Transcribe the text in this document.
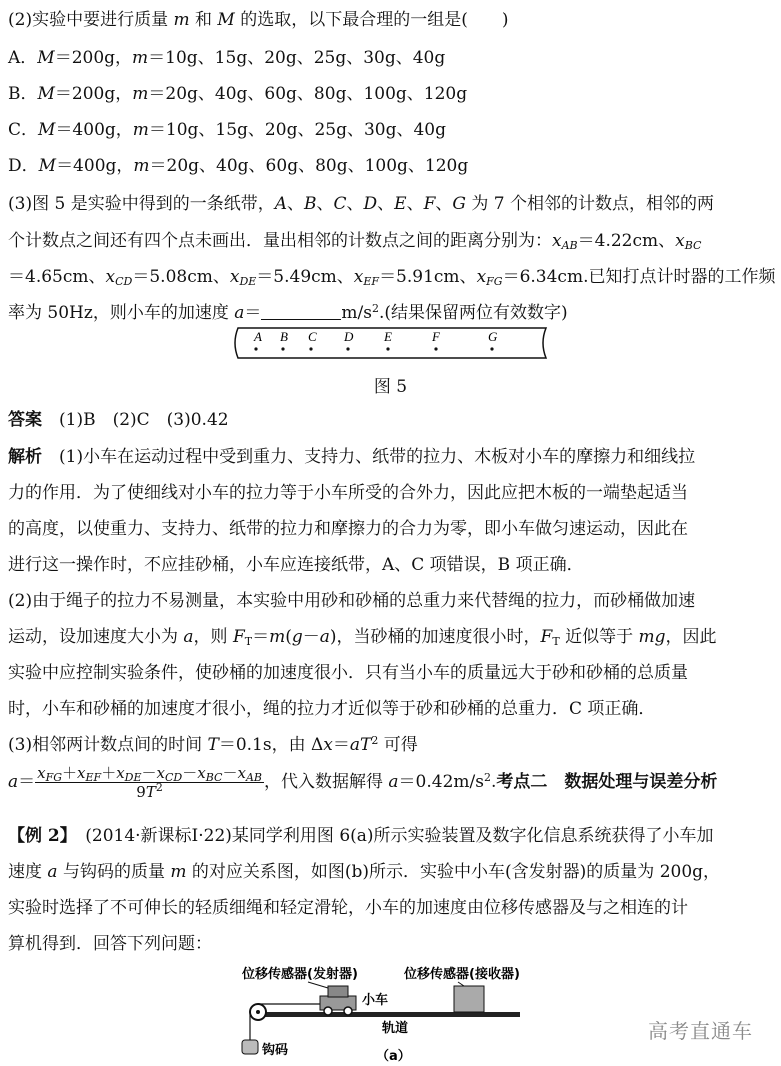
(2)实验中要进行质量 m 和 M 的选取，以下最合理的一组是(　　)
A．M＝200g，m＝10g、15g、20g、25g、30g、40g
B．M＝200g，m＝20g、40g、60g、80g、100g、120g
C．M＝400g，m＝10g、15g、20g、25g、30g、40g
D．M＝400g，m＝20g、40g、60g、80g、100g、120g
(3)图 5 是实验中得到的一条纸带，A、B、C、D、E、F、G 为 7 个相邻的计数点，相邻的两
个计数点之间还有四个点未画出．量出相邻的计数点之间的距离分别为：$x_{AB}=4.22cm$、$x_{BC}$
＝4.65cm、$x_{CD}=5.08cm$、$x_{DE}=5.49cm$、$x_{EF}=5.91cm$、$x_{FG}=6.34cm$.已知打点计时器的工作频
率为 50Hz，则小车的加速度 a＝	$m/s^2$.(结果保留两位有效数字)
A B C D E	F	G
图 5
答案　 (1)B　(2)C　(3)0.42
解析　 (1)小车在运动过程中受到重力、支持力、纸带的拉力、木板对小车的摩擦力和细线拉
力的作用．为了使细线对小车的拉力等于小车所受的合外力，因此应把木板的一端垫起适当
的高度，以使重力、支持力、纸带的拉力和摩擦力的合力为零，即小车做匀速运动，因此在
进行这一操作时，不应挂砂桶，小车应连接纸带，A、C 项错误，B 项正确．
(2)由于绳子的拉力不易测量，本实验中用砂和砂桶的总重力来代替绳的拉力，而砂桶做加速
运动，设加速度大小为 a，则 $F_T=m(g-a)$，当砂桶的加速度很小时，$F_T$ 近似等于 mg，因此
实验中应控制实验条件，使砂桶的加速度很小．只有当小车的质量远大于砂和砂桶的总质量
时，小车和砂桶的加速度才很小，绳的拉力才近似等于砂和砂桶的总重力．C 项正确．
(3)相邻两计数点间的时间 T＝0.1s，由 $\Delta x=aT^2$ 可得
$a= \frac{x_{FG}+x_{EF}+x_{DE}-x_{CD}-x_{BC}-x_{AB}}{9T^2}$ ，代入数据解得 $a=0.42m/s^2$.考点二　数据处理与误差分析
【例 2】　 (2014·新课标Ⅰ·22)某同学利用图 6(a)所示实验装置及数字化信息系统获得了小车加
速度 a 与钩码的质量 m 的对应关系图，如图(b)所示．实验中小车(含发射器)的质量为 200g，
实验时选择了不可伸长的轻质细绳和轻定滑轮，小车的加速度由位移传感器及与之相连的计
算机得到．回答下列问题：
位移传感器(发射器)	位移传感器(接收器)
钩码
小车
轨道
（a）
高考直通车
